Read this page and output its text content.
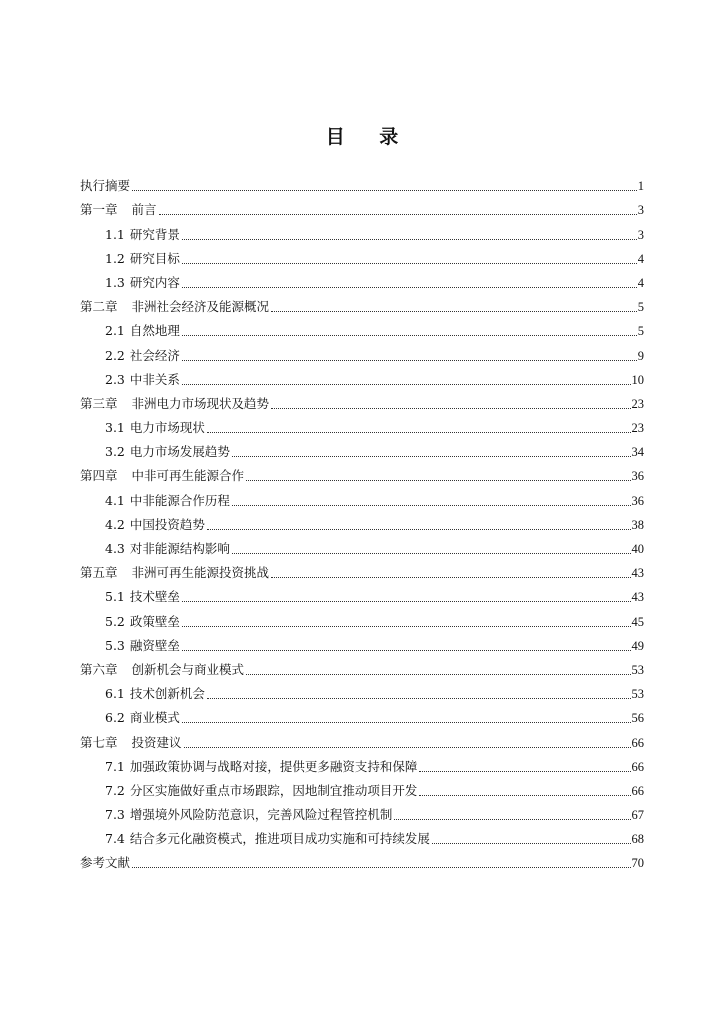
目 录
执行摘要	1
第一章 前言	3
1.1 研究背景	3
1.2 研究目标	4
1.3 研究内容	4
第二章 非洲社会经济及能源概况	5
2.1 自然地理	5
2.2 社会经济	9
2.3 中非关系	10
第三章 非洲电力市场现状及趋势	23
3.1 电力市场现状	23
3.2 电力市场发展趋势	34
第四章 中非可再生能源合作	36
4.1 中非能源合作历程	36
4.2 中国投资趋势	38
4.3 对非能源结构影响	40
第五章 非洲可再生能源投资挑战	43
5.1 技术壁垒	43
5.2 政策壁垒	45
5.3 融资壁垒	49
第六章 创新机会与商业模式	53
6.1 技术创新机会	53
6.2 商业模式	56
第七章 投资建议	66
7.1 加强政策协调与战略对接，提供更多融资支持和保障	66
7.2 分区实施做好重点市场跟踪，因地制宜推动项目开发	66
7.3 增强境外风险防范意识，完善风险过程管控机制	67
7.4 结合多元化融资模式，推进项目成功实施和可持续发展	68
参考文献	70
